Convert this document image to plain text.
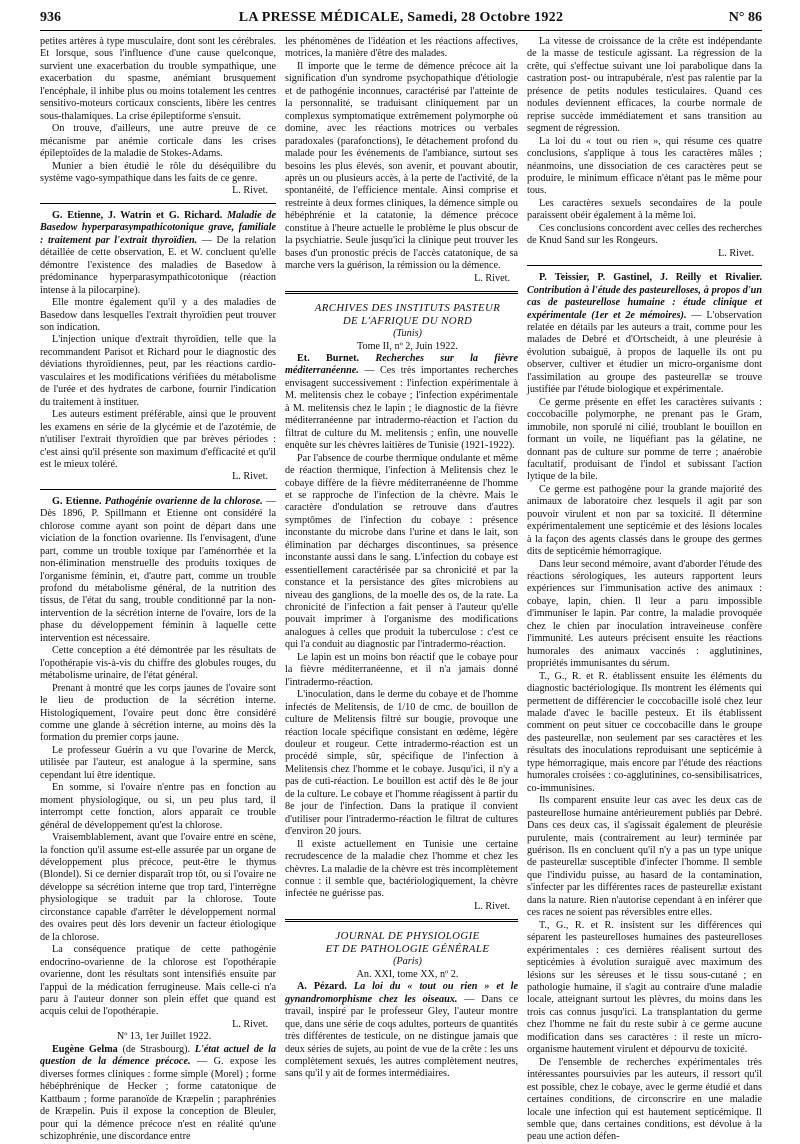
936	LA PRESSE MÉDICALE, Samedi, 28 Octobre 1922	N° 86

petites artères à type musculaire, dont sont les cérébrales. Et lorsque, sous l'influence d'une cause quelconque, survient une exacerbation du trouble sympathique, une exacerbation du spasme, anémiant brusquement l'encéphale, il inhibe plus ou moins totalement les centres sensitivo-moteurs corticaux conscients, libère les centres sous-thalamiques. La crise épileptiforme s'ensuit.

On trouve, d'ailleurs, une autre preuve de ce mécanisme par anémie corticale dans les crises épileptoïdes de la maladie de Stokes-Adams.

Munier a bien étudié le rôle du déséquilibre du système vago-sympathique dans les faits de ce genre.

L. Rivet.

G. Etienne, J. Watrin et G. Richard. Maladie de Basedow hyperparasympathicotonique grave, familiale : traitement par l'extrait thyroïdien. — De la relation détaillée de cette observation, E. et W. concluent qu'elle démontre l'existence des maladies de Basedow à prédominance hyperparasympathicotonique (réaction intense à la pilocarpine).

Elle montre également qu'il y a des maladies de Basedow dans lesquelles l'extrait thyroïdien peut trouver son indication.

L'injection unique d'extrait thyroïdien, telle que la recommandent Parisot et Richard pour le diagnostic des déviations thyroïdiennes, peut, par les réactions cardio-vasculaires et les modifications vérifiées du métabolisme de l'urée et des hydrates de carbone, fournir l'indication du traitement à instituer.

Les auteurs estiment préférable, ainsi que le prouvent les examens en série de la glycémie et de l'azotémie, de n'utiliser l'extrait thyroïdien que par brèves périodes : c'est ainsi qu'il présente son maximum d'efficacité et qu'il est le mieux toléré.

L. Rivet.

G. Etienne. Pathogénie ovarienne de la chlorose. — Dès 1896, P. Spillmann et Etienne ont considéré la chlorose comme ayant son point de départ dans une viciation de la fonction ovarienne. Ils l'envisagent, d'une part, comme un trouble toxique par l'aménorrhée et la non-élimination menstruelle des produits toxiques de l'organisme féminin, et, d'autre part, comme un trouble profond du métabolisme général, de la nutrition des tissus, de l'état du sang, trouble conditionné par la non-intervention de la sécrétion interne de l'ovaire, lors de la phase du développement féminin à laquelle cette intervention est nécessaire.

Cette conception a été démontrée par les résultats de l'opothérapie vis-à-vis du chiffre des globules rouges, du métabolisme urinaire, de l'état général.

Prenant à montré que les corps jaunes de l'ovaire sont le lieu de production de la sécrétion interne. Histologiquement, l'ovaire peut donc être considéré comme une glande à sécrétion interne, au moins dès la formation du premier corps jaune.

Le professeur Guérin a vu que l'ovarine de Merck, utilisée par l'auteur, est analogue à la spermine, sans cependant lui être identique.

En somme, si l'ovaire n'entre pas en fonction au moment physiologique, ou si, un peu plus tard, il interrompt cette fonction, alors apparaît ce trouble général de développement qu'est la chlorose.

Vraisemblablement, avant que l'ovaire entre en scène, la fonction qu'il assume est-elle assurée par un organe de développement plus précoce, peut-être le thymus (Blondel). Si ce dernier disparaît trop tôt, ou si l'ovaire ne développe sa sécrétion interne que trop tard, l'interrègne physiologique se traduit par la chlorose. Toute circonstance capable d'arrêter le développement normal des ovaires peut dès lors devenir un facteur étiologique de la chlorose.

La conséquence pratique de cette pathogénie endocrino-ovarienne de la chlorose est l'opothérapie ovarienne, dont les résultats sont intensifiés ensuite par l'appui de la médication ferrugineuse. Mais celle-ci n'a paru à l'auteur donner son plein effet que quand est acquis celui de l'opothérapie.

L. Rivet.

Nº 13, 1er Juillet 1922.

Eugène Gelma (de Strasbourg). L'état actuel de la question de la démence précoce. — G. expose les diverses formes cliniques : forme simple (Morel) ; forme hébéphrénique de Hecker ; forme catatonique de Kattbaum ; forme paranoïde de Kræpelin ; paraphrénies de Kræpelin. Puis il expose la conception de Bleuler, pour qui la démence précoce n'est en réalité qu'une schizophrénie, une discordance entre

les phénomènes de l'idéation et les réactions affectives, motrices, la manière d'être des malades.

Il importe que le terme de démence précoce ait la signification d'un syndrome psychopathique d'étiologie et de pathogénie inconnues, caractérisé par l'atteinte de la personnalité, se traduisant cliniquement par un complexus symptomatique extrêmement polymorphe où domine, avec les réactions motrices ou verbales paradoxales (parafonctions), le détachement profond du malade pour les événements de l'ambiance, surtout ses besoins les plus élevés, son avenir, et pouvant aboutir, après un ou plusieurs accès, à la perte de l'activité, de la spontanéité, de l'efficience mentale. Ainsi comprise et restreinte à deux formes cliniques, la démence simple ou hébéphrénie et la catatonie, la démence précoce constitue à l'heure actuelle le problème le plus obscur de la psychiatrie. Seule jusqu'ici la clinique peut trouver les bases d'un pronostic précis de l'accès catatonique, de sa marche vers la guérison, la rémission ou la démence.

L. Rivet.

ARCHIVES DES INSTITUTS PASTEUR

DE L'AFRIQUE DU NORD

(Tunis)

Tome II, nº 2, Juin 1922.

Et. Burnet. Recherches sur la fièvre méditerranéenne. — Ces très importantes recherches envisagent successivement : l'infection expérimentale à M. melitensis chez le cobaye ; l'infection expérimentale à M. melitensis chez le lapin ; le diagnostic de la fièvre méditerranéenne par intradermo-réaction et l'action du filtrat de culture du M. melitensis ; enfin, une nouvelle enquête sur les chèvres laitières de Tunisie (1921-1922).

Par l'absence de courbe thermique ondulante et même de réaction thermique, l'infection à Melitensis chez le cobaye diffère de la fièvre méditerranéenne de l'homme et se rapproche de l'infection de la chèvre. Mais le caractère d'ondulation se retrouve dans d'autres symptômes de l'infection du cobaye : présence inconstante du microbe dans l'urine et dans le lait, son élimination par décharges discontinues, sa présence inconstante aussi dans le sang. L'infection du cobaye est essentiellement caractérisée par sa chronicité et par la constance et la persistance des gîtes microbiens au niveau des ganglions, de la moelle des os, de la rate. La chronicité de l'infection a fait penser à l'auteur qu'elle pouvait imprimer à l'organisme des modifications analogues à celles que produit la tuberculose : c'est ce qui l'a conduit au diagnostic par l'intradermo-réaction.

Le lapin est un moins bon réactif que le cobaye pour la fièvre méditerranéenne, et il n'a jamais donné l'intradermo-réaction.

L'inoculation, dans le derme du cobaye et de l'homme infectés de Melitensis, de 1/10 de cmc. de bouillon de culture de Melitensis filtré sur bougie, provoque une réaction locale spécifique consistant en œdème, légère douleur et rougeur. Cette intradermo-réaction est un procédé simple, sûr, spécifique de l'infection à Melitensis chez l'homme et le cobaye. Jusqu'ici, il n'y a pas de cuti-réaction. Le bouillon est actif dès le 8e jour de la culture. Le cobaye et l'homme réagissent à partir du 8e jour de l'infection. Dans la pratique il convient d'utiliser pour l'intradermo-réaction le filtrat de cultures d'environ 20 jours.

Il existe actuellement en Tunisie une certaine recrudescence de la maladie chez l'homme et chez les chèvres. La maladie de la chèvre est très incomplètement connue : il semble que, bactériologiquement, la chèvre infectée ne guérisse pas.

L. Rivet.

JOURNAL DE PHYSIOLOGIE

ET DE PATHOLOGIE GÉNÉRALE

(Paris)

An. XXI, tome XX, nº 2.

A. Pézard. La loi du « tout ou rien » et le gynandromorphisme chez les oiseaux. — Dans ce travail, inspiré par le professeur Gley, l'auteur montre que, dans une série de coqs adultes, porteurs de quantités très différentes de testicule, on ne distingue jamais que deux séries de sujets, au point de vue de la crête : les uns complètement sexués, les autres complètement neutres, sans qu'il y ait de formes intermédiaires.

La vitesse de croissance de la crête est indépendante de la masse de testicule agissant. La régression de la crête, qui s'effectue suivant une loi parabolique dans la castration post- ou intrapubérale, n'est pas ralentie par la présence de petits nodules testiculaires. Quand ces nodules deviennent efficaces, la courbe normale de reprise succède immédiatement et sans transition au segment de régression.

La loi du « tout ou rien », qui résume ces quatre conclusions, s'applique à tous les caractères mâles ; néanmoins, une dissociation de ces caractères peut se produire, le minimum efficace n'étant pas le même pour tous.

Les caractères sexuels secondaires de la poule paraissent obéir également à la même loi.

Ces conclusions concordent avec celles des recherches de Knud Sand sur les Rongeurs.

L. Rivet.

P. Teissier, P. Gastinel, J. Reilly et Rivalier. Contribution à l'étude des pasteurelloses, à propos d'un cas de pasteurellose humaine : étude clinique et expérimentale (1er et 2e mémoires). — L'observation relatée en détails par les auteurs a trait, comme pour les malades de Debré et d'Ortscheidt, à une pleurésie à évolution subaiguë, à propos de laquelle ils ont pu observer, cultiver et étudier un micro-organisme dont l'assimilation au groupe des pasteurellæ se trouve justifiée par l'étude biologique et expérimentale.

Ce germe présente en effet les caractères suivants : coccobacille polymorphe, ne prenant pas le Gram, immobile, non sporulé ni cilié, troublant le bouillon en formant un voile, ne liquéfiant pas la gélatine, ne donnant pas de culture sur pomme de terre ; anaérobie facultatif, produisant de l'indol et subissant l'action lytique de la bile.

Ce germe est pathogène pour la grande majorité des animaux de laboratoire chez lesquels il agit par son pouvoir virulent et non par sa toxicité. Il détermine expérimentalement une septicémie et des lésions locales à la façon des agents classés dans le groupe des germes dits de septicémie hémorragique.

Dans leur second mémoire, avant d'aborder l'étude des réactions sérologiques, les auteurs rapportent leurs expériences sur l'immunisation active des animaux : cobaye, lapin, chien. Il leur a paru impossible d'immuniser le lapin. Par contre, la maladie provoquée chez le chien par inoculation intraveineuse confère l'immunité. Les auteurs précisent ensuite les réactions humorales des animaux vaccinés : agglutinines, propriétés immunisantes du sérum.

T., G., R. et R. établissent ensuite les éléments du diagnostic bactériologique. Ils montrent les éléments qui permettent de différencier le coccobacille isolé chez leur malade d'avec le bacille pesteux. Et ils établissent comment on peut situer ce coccobacille dans le groupe des pasteurellæ, non seulement par ses caractères et les résultats des inoculations reproduisant une septicémie à type hémorragique, mais encore par l'étude des réactions humorales croisées : co-agglutinines, co-sensibilisatrices, co-immunisines.

Ils comparent ensuite leur cas avec les deux cas de pasteurellose humaine antérieurement publiés par Debré. Dans ces deux cas, il s'agissait également de pleurésie purulente, mais (contrairement au leur) terminée par guérison. Ils en concluent qu'il n'y a pas un type unique de pasteurellæ susceptible d'infecter l'homme. Il semble que l'individu puisse, au hasard de la contamination, s'infecter par les différentes races de pasteurellæ existant dans la nature. Rien n'autorise cependant à en inférer que ces races ne soient pas réversibles entre elles.

T., G., R. et R. insistent sur les différences qui séparent les pasteurelloses humaines des pasteurelloses expérimentales : ces dernières réalisent surtout des septicémies à évolution suraiguë avec maximum des lésions sur les séreuses et le tissu sous-cutané ; en pathologie humaine, il s'agit au contraire d'une maladie locale, atteignant surtout les plèvres, du moins dans les trois cas connus jusqu'ici. La transplantation du germe chez l'homme ne fait du reste subir à ce germe aucune modification dans ses caractères : il reste un micro-organisme hautement virulent et dépourvu de toxicité.

De l'ensemble de recherches expérimentales très intéressantes poursuivies par les auteurs, il ressort qu'il est possible, chez le cobaye, avec le germe étudié et dans certaines conditions, de circonscrire en une maladie locale une infection qui est hautement septicémique. Il semble que, dans certaines conditions, est dévolue à la peau une action défen-
